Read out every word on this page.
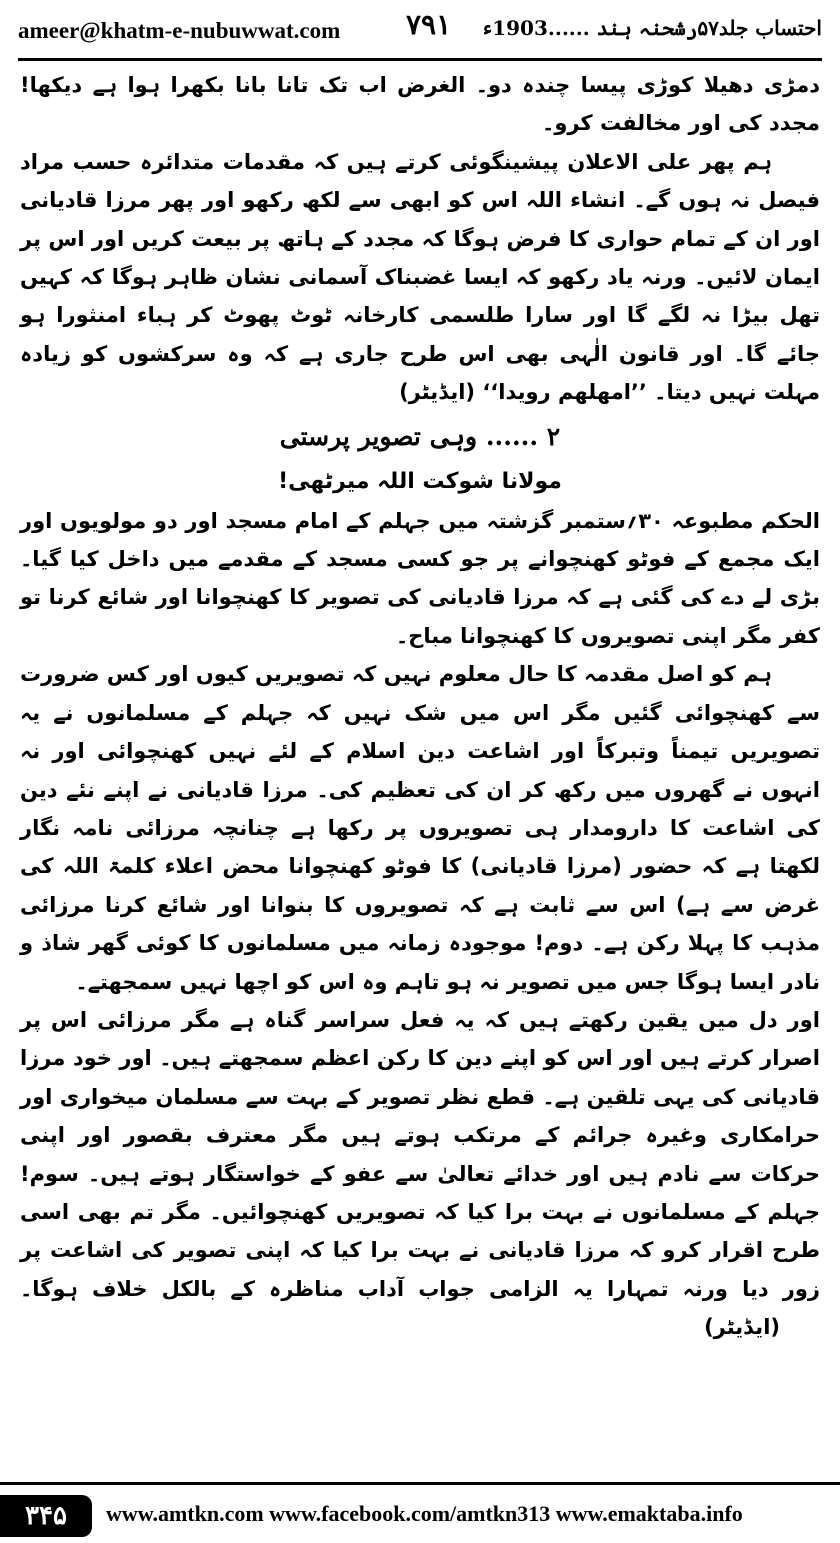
ameer@khatm-e-nubuwwat.com ۷۹۱ احتساب جلد۵۷رشحنہ ہند ......1903ء

دمڑی دھیلا کوڑی پیسا چندہ دو۔ الغرض اب تک تانا بانا بکھرا ہوا ہے دیکھا! مجدد کی اور مخالفت کرو۔

ہم پھر علی الاعلان پیشینگوئی کرتے ہیں کہ مقدمات متدائرہ حسب مراد فیصل نہ ہوں گے۔ انشاء اللہ اس کو ابھی سے لکھ رکھو اور پھر مرزا قادیانی اور ان کے تمام حواری کا فرض ہوگا کہ مجدد کے ہاتھ پر بیعت کریں اور اس پر ایمان لائیں۔ ورنہ یاد رکھو کہ ایسا غضبناک آسمانی نشان ظاہر ہوگا کہ کہیں تھل بیڑا نہ لگے گا اور سارا طلسمی کارخانہ ٹوٹ پھوٹ کر ہباء امنثورا ہو جائے گا۔ اور قانون الٰہی بھی اس طرح جاری ہے کہ وہ سرکشوں کو زیادہ مہلت نہیں دیتا۔ ’’امھلھم رویدا‘‘ (ایڈیٹر)

۲ ...... وہی تصویر پرستی

مولانا شوکت اللہ میرٹھی!

الحکم مطبوعہ ۳۰؍ستمبر گزشتہ میں جہلم کے امام مسجد اور دو مولویوں اور ایک مجمع کے فوٹو کھنچوانے پر جو کسی مسجد کے مقدمے میں داخل کیا گیا۔ بڑی لے دے کی گئی ہے کہ مرزا قادیانی کی تصویر کا کھنچوانا اور شائع کرنا تو کفر مگر اپنی تصویروں کا کھنچوانا مباح۔

ہم کو اصل مقدمہ کا حال معلوم نہیں کہ تصویریں کیوں اور کس ضرورت سے کھنچوائی گئیں مگر اس میں شک نہیں کہ جہلم کے مسلمانوں نے یہ تصویریں تیمناً وتبرکاً اور اشاعت دین اسلام کے لئے نہیں کھنچوائی اور نہ انہوں نے گھروں میں رکھ کر ان کی تعظیم کی۔ مرزا قادیانی نے اپنے نئے دین کی اشاعت کا دارومدار ہی تصویروں پر رکھا ہے چنانچہ مرزائی نامہ نگار لکھتا ہے کہ حضور (مرزا قادیانی) کا فوٹو کھنچوانا محض اعلاء کلمۃ اللہ کی غرض سے ہے) اس سے ثابت ہے کہ تصویروں کا بنوانا اور شائع کرنا مرزائی مذہب کا پہلا رکن ہے۔ دوم! موجودہ زمانہ میں مسلمانوں کا کوئی گھر شاذ و نادر ایسا ہوگا جس میں تصویر نہ ہو تاہم وہ اس کو اچھا نہیں سمجھتے۔

اور دل میں یقین رکھتے ہیں کہ یہ فعل سراسر گناہ ہے مگر مرزائی اس پر اصرار کرتے ہیں اور اس کو اپنے دین کا رکن اعظم سمجھتے ہیں۔ اور خود مرزا قادیانی کی یہی تلقین ہے۔ قطع نظر تصویر کے بہت سے مسلمان میخواری اور حرامکاری وغیرہ جرائم کے مرتکب ہوتے ہیں مگر معترف بقصور اور اپنی حرکات سے نادم ہیں اور خدائے تعالیٰ سے عفو کے خواستگار ہوتے ہیں۔ سوم! جہلم کے مسلمانوں نے بہت برا کیا کہ تصویریں کھنچوائیں۔ مگر تم بھی اسی طرح اقرار کرو کہ مرزا قادیانی نے بہت برا کیا کہ اپنی تصویر کی اشاعت پر زور دیا ورنہ تمہارا یہ الزامی جواب آداب مناظرہ کے بالکل خلاف ہوگا۔(ایڈیٹر)

۳۴۵	www.amtkn.com www.facebook.com/amtkn313 www.emaktaba.info
